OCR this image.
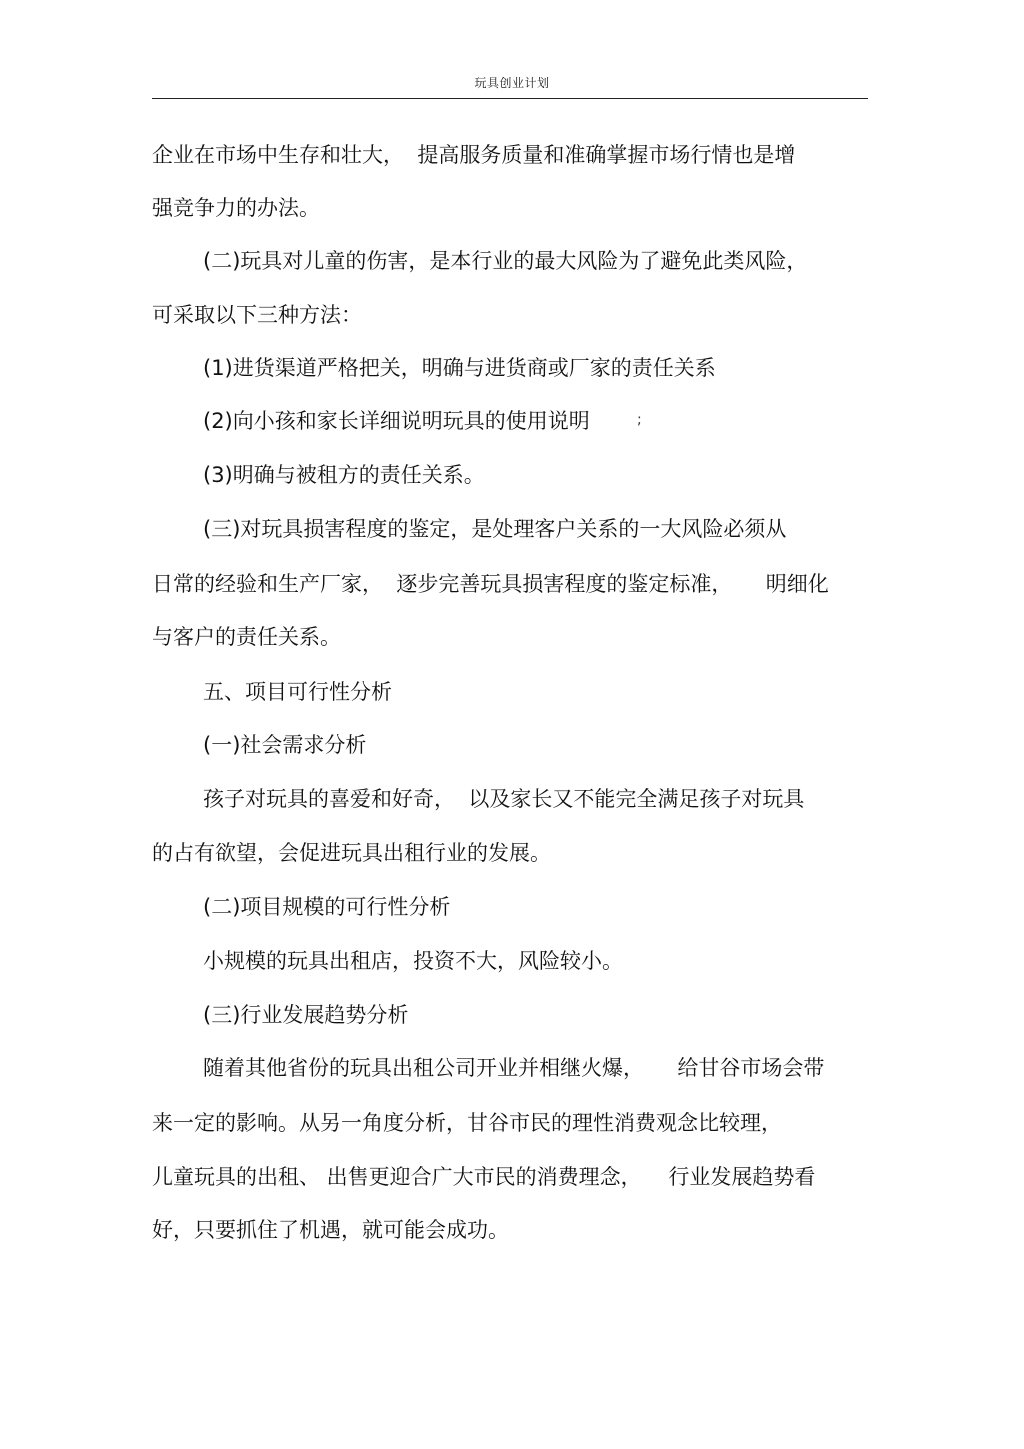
玩具创业计划
企业在市场中生存和壮大，  提高服务质量和准确掌握市场行情也是增
强竞争力的办法。
(二)玩具对儿童的伤害，是本行业的最大风险为了避免此类风险，
可采取以下三种方法：
(1)进货渠道严格把关，明确与进货商或厂家的责任关系
(2)向小孩和家长详细说明玩具的使用说明	;
(3)明确与被租方的责任关系。
(三)对玩具损害程度的鉴定，是处理客户关系的一大风险必须从
日常的经验和生产厂家，  逐步完善玩具损害程度的鉴定标准，     明细化
与客户的责任关系。
五、项目可行性分析
(一)社会需求分析
孩子对玩具的喜爱和好奇，  以及家长又不能完全满足孩子对玩具
的占有欲望，会促进玩具出租行业的发展。
(二)项目规模的可行性分析
小规模的玩具出租店，投资不大，风险较小。
(三)行业发展趋势分析
随着其他省份的玩具出租公司开业并相继火爆，     给甘谷市场会带
来一定的影响。从另一角度分析，甘谷市民的理性消费观念比较理，
儿童玩具的出租、 出售更迎合广大市民的消费理念，    行业发展趋势看
好，只要抓住了机遇，就可能会成功。
